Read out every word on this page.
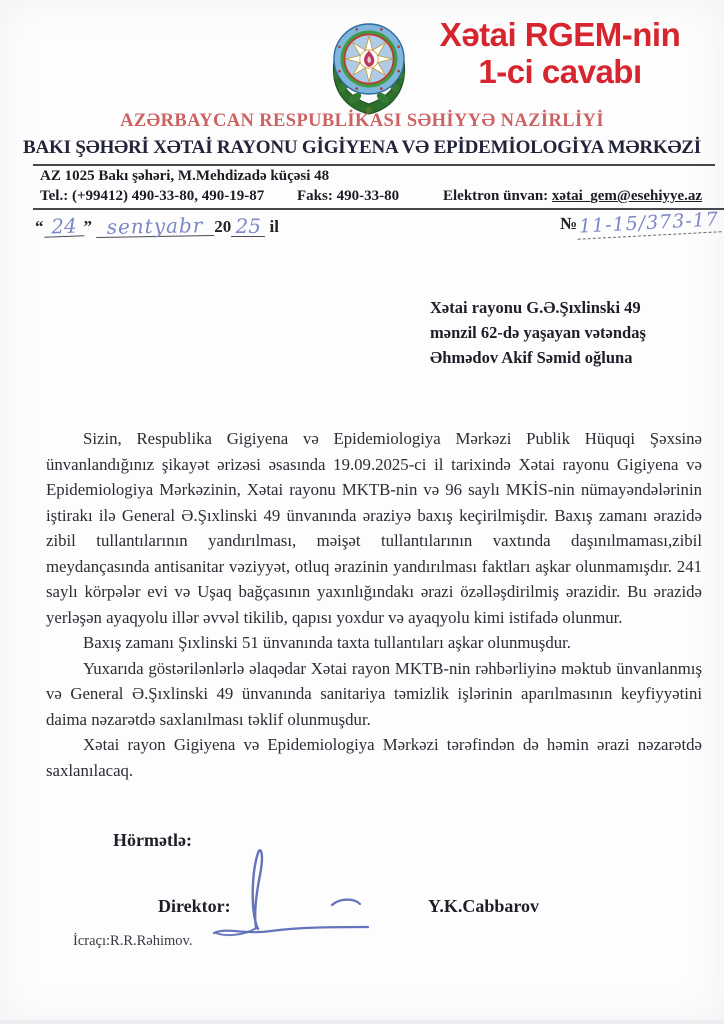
Xətai RGEM-nin
1-ci cavabı
AZƏRBAYCAN RESPUBLİKASI SƏHİYYƏ NAZİRLİYİ
BAKI ŞƏHƏRİ XƏTAİ RAYONU GİGİYENA VƏ EPİDEMİOLOGİYA MƏRKƏZİ
AZ 1025 Bakı şəhəri, M.Mehdizadə küçəsi 48
Tel.: (+99412) 490-33-80, 490-19-87 Faks: 490-33-80	Elektron ünvan: xətai_gem@esehiyye.az
“ 24 ” sentyabr 20 25 il	№11-15/373-17
Xətai rayonu G.Ə.Şıxlinski 49
mənzil 62-də yaşayan vətəndaş
Əhmədov Akif Səmid oğluna

Sizin, Respublika Gigiyena və Epidemiologiya Mərkəzi Publik Hüquqi Şəxsinə ünvanlandığınız şikayət ərizəsi əsasında 19.09.2025-ci il tarixində Xətai rayonu Gigiyena və Epidemiologiya Mərkəzinin, Xətai rayonu MKTB-nin və 96 saylı MKİS-nin nümayəndələrinin iştirakı ilə General Ə.Şıxlinski 49 ünvanında əraziyə baxış keçirilmişdir. Baxış zamanı ərazidə zibil tullantılarının yandırılması, məişət tullantılarının vaxtında daşınılmaması,zibil meydançasında antisanitar vəziyyət, otluq ərazinin yandırılması faktları aşkar olunmamışdır. 241 saylı körpələr evi və Uşaq bağçasının yaxınlığındakı ərazi özəlləşdirilmiş ərazidir. Bu ərazidə yerləşən ayaqyolu illər əvvəl tikilib, qapısı yoxdur və ayaqyolu kimi istifadə olunmur.

Baxış zamanı Şıxlinski 51 ünvanında taxta tullantıları aşkar olunmuşdur.

Yuxarıda göstərilənlərlə əlaqədar Xətai rayon MKTB-nin rəhbərliyinə məktub ünvanlanmış və General Ə.Şıxlinski 49 ünvanında sanitariya təmizlik işlərinin aparılmasının keyfiyyətini daima nəzarətdə saxlanılması təklif olunmuşdur.

Xətai rayon Gigiyena və Epidemiologiya Mərkəzi tərəfindən də həmin ərazi nəzarətdə saxlanılacaq.

Hörmətlə:
Direktor:	Y.K.Cabbarov
İcraçı:R.R.Rəhimov.
